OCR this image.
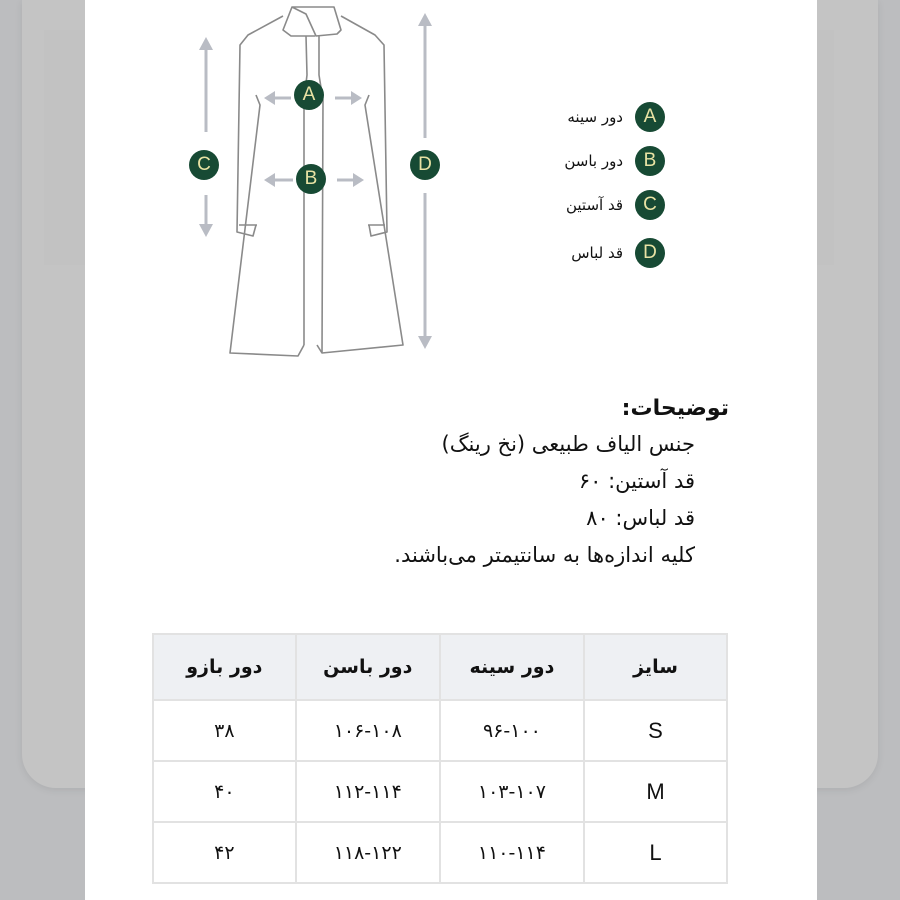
A
B
C	D
A
دور سینه
B
دور باسن
C
قد آستین
D
قد لباس
توضیحات:
جنس الیاف طبیعی (نخ رینگ)
قد آستین: ۶۰
قد لباس: ۸۰
کلیه اندازه‌ها به سانتیمتر می‌باشند.
سایز	دور سینه	دور باسن	دور بازو
S	۹۶-۱۰۰	۱۰۶-۱۰۸	۳۸
M	۱۰۳-۱۰۷	۱۱۲-۱۱۴	۴۰
L	۱۱۰-۱۱۴	۱۱۸-۱۲۲	۴۲
